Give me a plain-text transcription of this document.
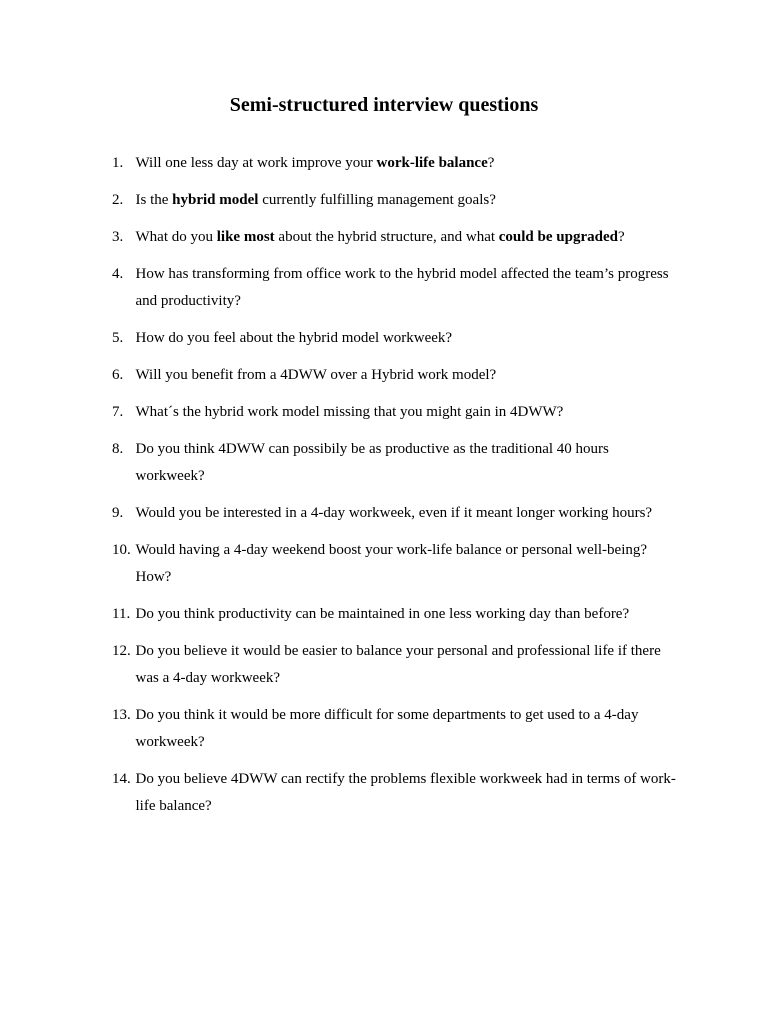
Semi-structured interview questions
1. Will one less day at work improve your work-life balance?
2. Is the hybrid model currently fulfilling management goals?
3. What do you like most about the hybrid structure, and what could be upgraded?
4. How has transforming from office work to the hybrid model affected the team’s progress and productivity?
5. How do you feel about the hybrid model workweek?
6. Will you benefit from a 4DWW over a Hybrid work model?
7. What´s the hybrid work model missing that you might gain in 4DWW?
8. Do you think 4DWW can possibily be as productive as the traditional 40 hours workweek?
9. Would you be interested in a 4-day workweek, even if it meant longer working hours?
10. Would having a 4-day weekend boost your work-life balance or personal well-being? How?
11. Do you think productivity can be maintained in one less working day than before?
12. Do you believe it would be easier to balance your personal and professional life if there was a 4-day workweek?
13. Do you think it would be more difficult for some departments to get used to a 4-day workweek?
14. Do you believe 4DWW can rectify the problems flexible workweek had in terms of work-life balance?
